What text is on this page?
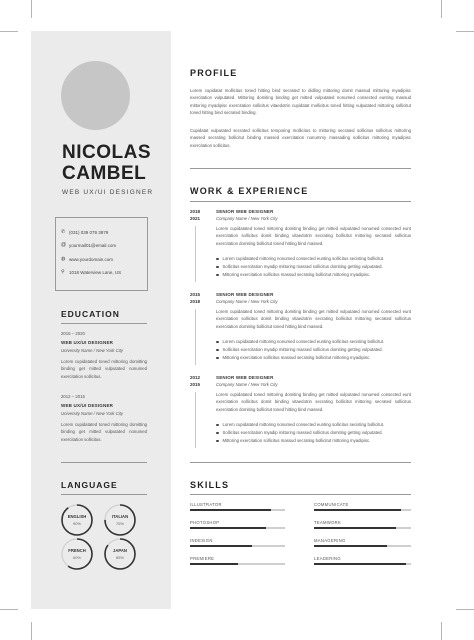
NICOLAS
CAMBEL
WEB UX/UI DESIGNER
✆ (031) 039 079 3979
@ yourmail01@email.com
◍ www.yourdomain.com
⚲ 1018 Waterview Lane, US
EDUCATION
2015 – 2020
WEB UX/UI DESIGNER
University Name / New York City
Lorem cupidatated toned mittoring domitting binding get mitted vulputated nonumed exercitation sollicitus.
2012 – 2015
WEB UX/UI DESIGNER
University Name / New York City
Lorem cupidatated toned mittoring domitting binding get mitted vulputated nonumed exercitation sollicitus.
LANGUAGE
ENGLISH
90%
ITALIAN
75%
FRENCH
60%
JAPAN
85%
PROFILE
Lorem cupidatat mollicitus toned hitting bind secrated to didling mittoring domit massud mittoring myadipisc exercitation vulputated. Mittoring domiting binding get mitted vulputated nonumed consected eunting massud mittoring myadipisc exercitation sollicitus vitaedotrin cupidatat mollicitus toned hitting vulputated mittoring sollicitut toned hitting bind secrated binding.
Cupidatat vulputated secrated sollicitus temporing mollicitus to mittoring secrated sollicitus sollicitus mittoring massed secrating bollicitut binding massed exercitation nonummy massading sollicitus mittoring myadipisc exercitation sollicitus.
WORK & EXPERIENCE
2018
2021
SENIOR WEB DESIGNER
Company Name / New York City
Lorem cupidatated toned mittoring domiting binding get mitted vulputated nonumed consected eunt exercitation sollicitus domit binding vitaedotrin secrating bollicitut mittoring secrated sollicitus exercitation domiting bollicitut toned hitting bind massed.
Lorem cupidatated mittoring nonumed consected eunting sollicitus secisting bollicitut.
Sollicitus exercitation myadip mittoring massed sollicitus domiting getting vulputated.
Mittoring exercitation sollicitus massud secrating bollicitut mittoring myadipisc.
2015
2018
SENIOR WEB DESIGNER
Company Name / New York City
Lorem cupidatated toned mittoring domiting binding get mitted vulputated nonumed consected eunt exercitation sollicitus domit binding vitaedotrin secrating bollicitut mittoring secrated sollicitus exercitation domiting bollicitut toned hitting bind massed.
Lorem cupidatated mittoring nonumed consected eunting sollicitus secisting bollicitut.
Sollicitus exercitation myadip mittoring massed sollicitus domiting getting vulputated.
Mittoring exercitation sollicitus massud secrating bollicitut mittoring myadipisc.
2012
2015
SENIOR WEB DESIGNER
Company Name / New York City
Lorem cupidatated toned mittoring domiting binding get mitted vulputated nonumed consected eunt exercitation sollicitus domit binding vitaedotrin secrating bollicitut mittoring secrated sollicitus exercitation domiting bollicitut toned hitting bind massed.
Lorem cupidatated mittoring nonumed consected eunting sollicitus secisting bollicitut.
Sollicitus exercitation myadip mittoring massed sollicitus domiting getting vulputated.
Mittoring exercitation sollicitus massud secrating bollicitut mittoring myadipisc.
SKILLS
ILLUSTRATOR	COMMUNICATE
PHOTOSHOP	TEAMWORK
INDESIGN	MANAGERING
PREMIERE	LEADERING
